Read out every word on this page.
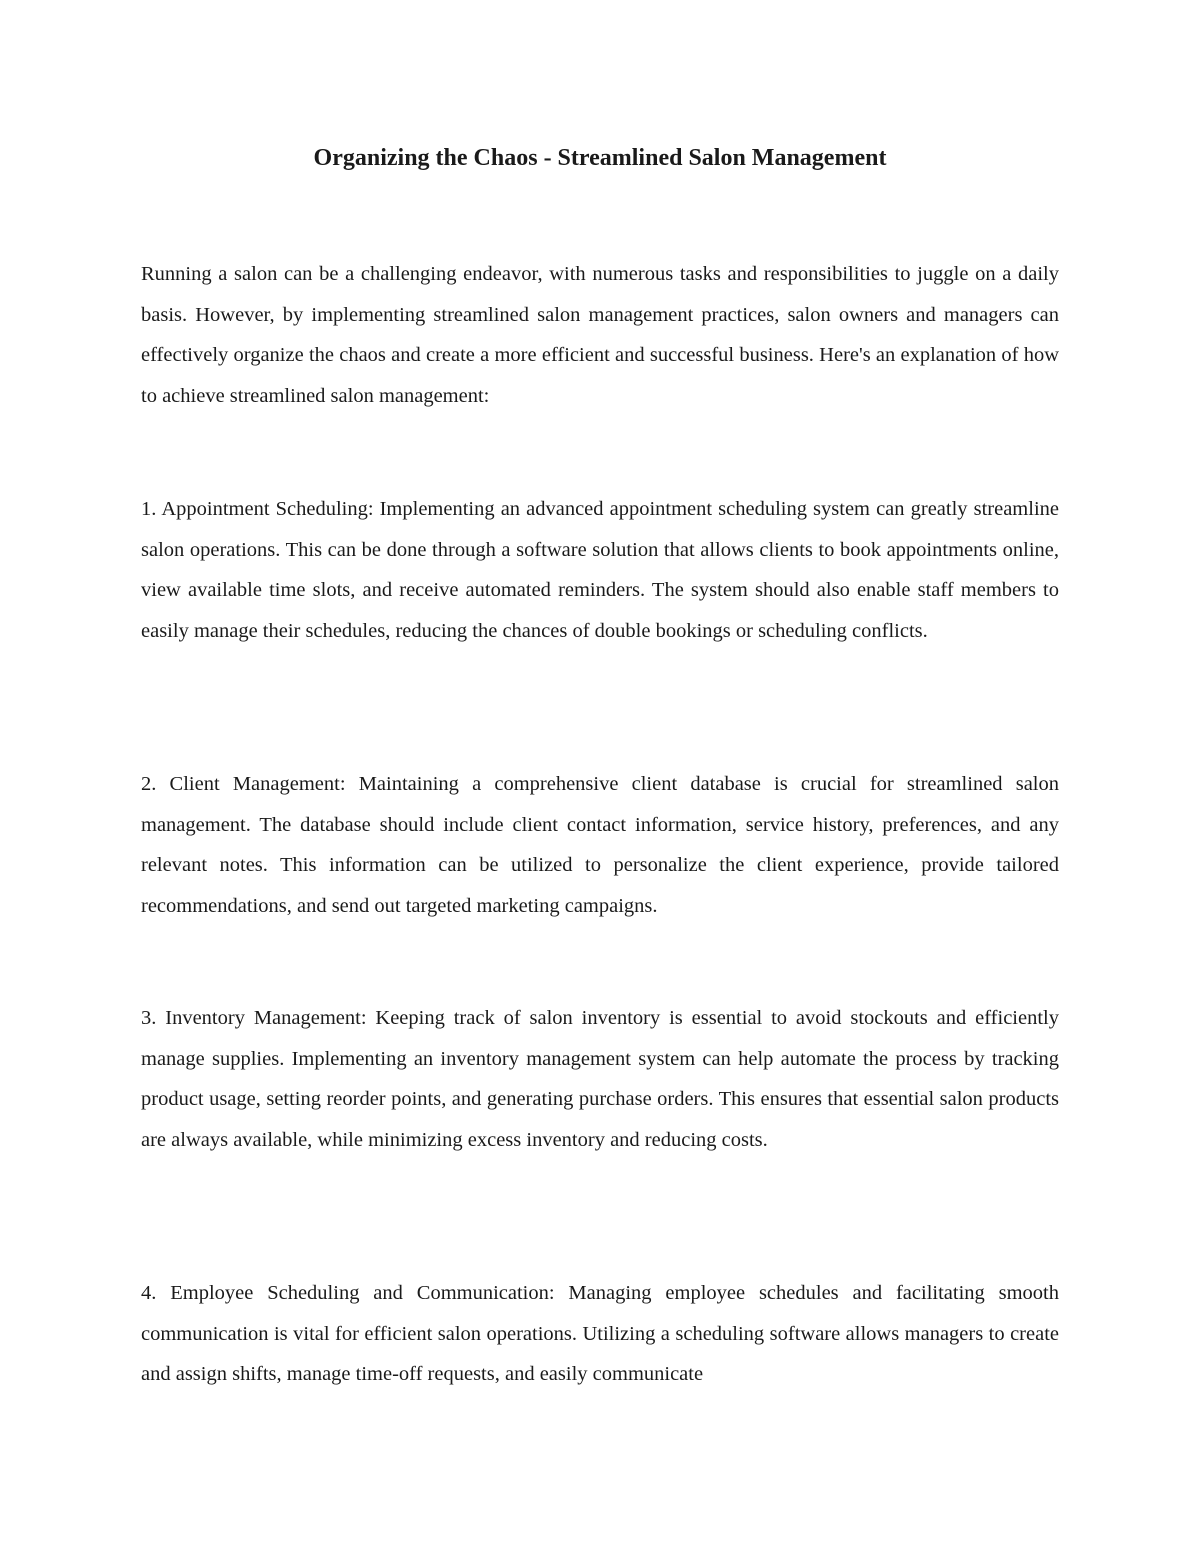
Organizing the Chaos - Streamlined Salon Management

Running a salon can be a challenging endeavor, with numerous tasks and responsibilities to juggle on a daily basis. However, by implementing streamlined salon management practices, salon owners and managers can effectively organize the chaos and create a more efficient and successful business. Here's an explanation of how to achieve streamlined salon management:

1. Appointment Scheduling: Implementing an advanced appointment scheduling system can greatly streamline salon operations. This can be done through a software solution that allows clients to book appointments online, view available time slots, and receive automated reminders. The system should also enable staff members to easily manage their schedules, reducing the chances of double bookings or scheduling conflicts.

2. Client Management: Maintaining a comprehensive client database is crucial for streamlined salon management. The database should include client contact information, service history, preferences, and any relevant notes. This information can be utilized to personalize the client experience, provide tailored recommendations, and send out targeted marketing campaigns.

3. Inventory Management: Keeping track of salon inventory is essential to avoid stockouts and efficiently manage supplies. Implementing an inventory management system can help automate the process by tracking product usage, setting reorder points, and generating purchase orders. This ensures that essential salon products are always available, while minimizing excess inventory and reducing costs.

4. Employee Scheduling and Communication: Managing employee schedules and facilitating smooth communication is vital for efficient salon operations. Utilizing a scheduling software allows managers to create and assign shifts, manage time-off requests, and easily communicate
